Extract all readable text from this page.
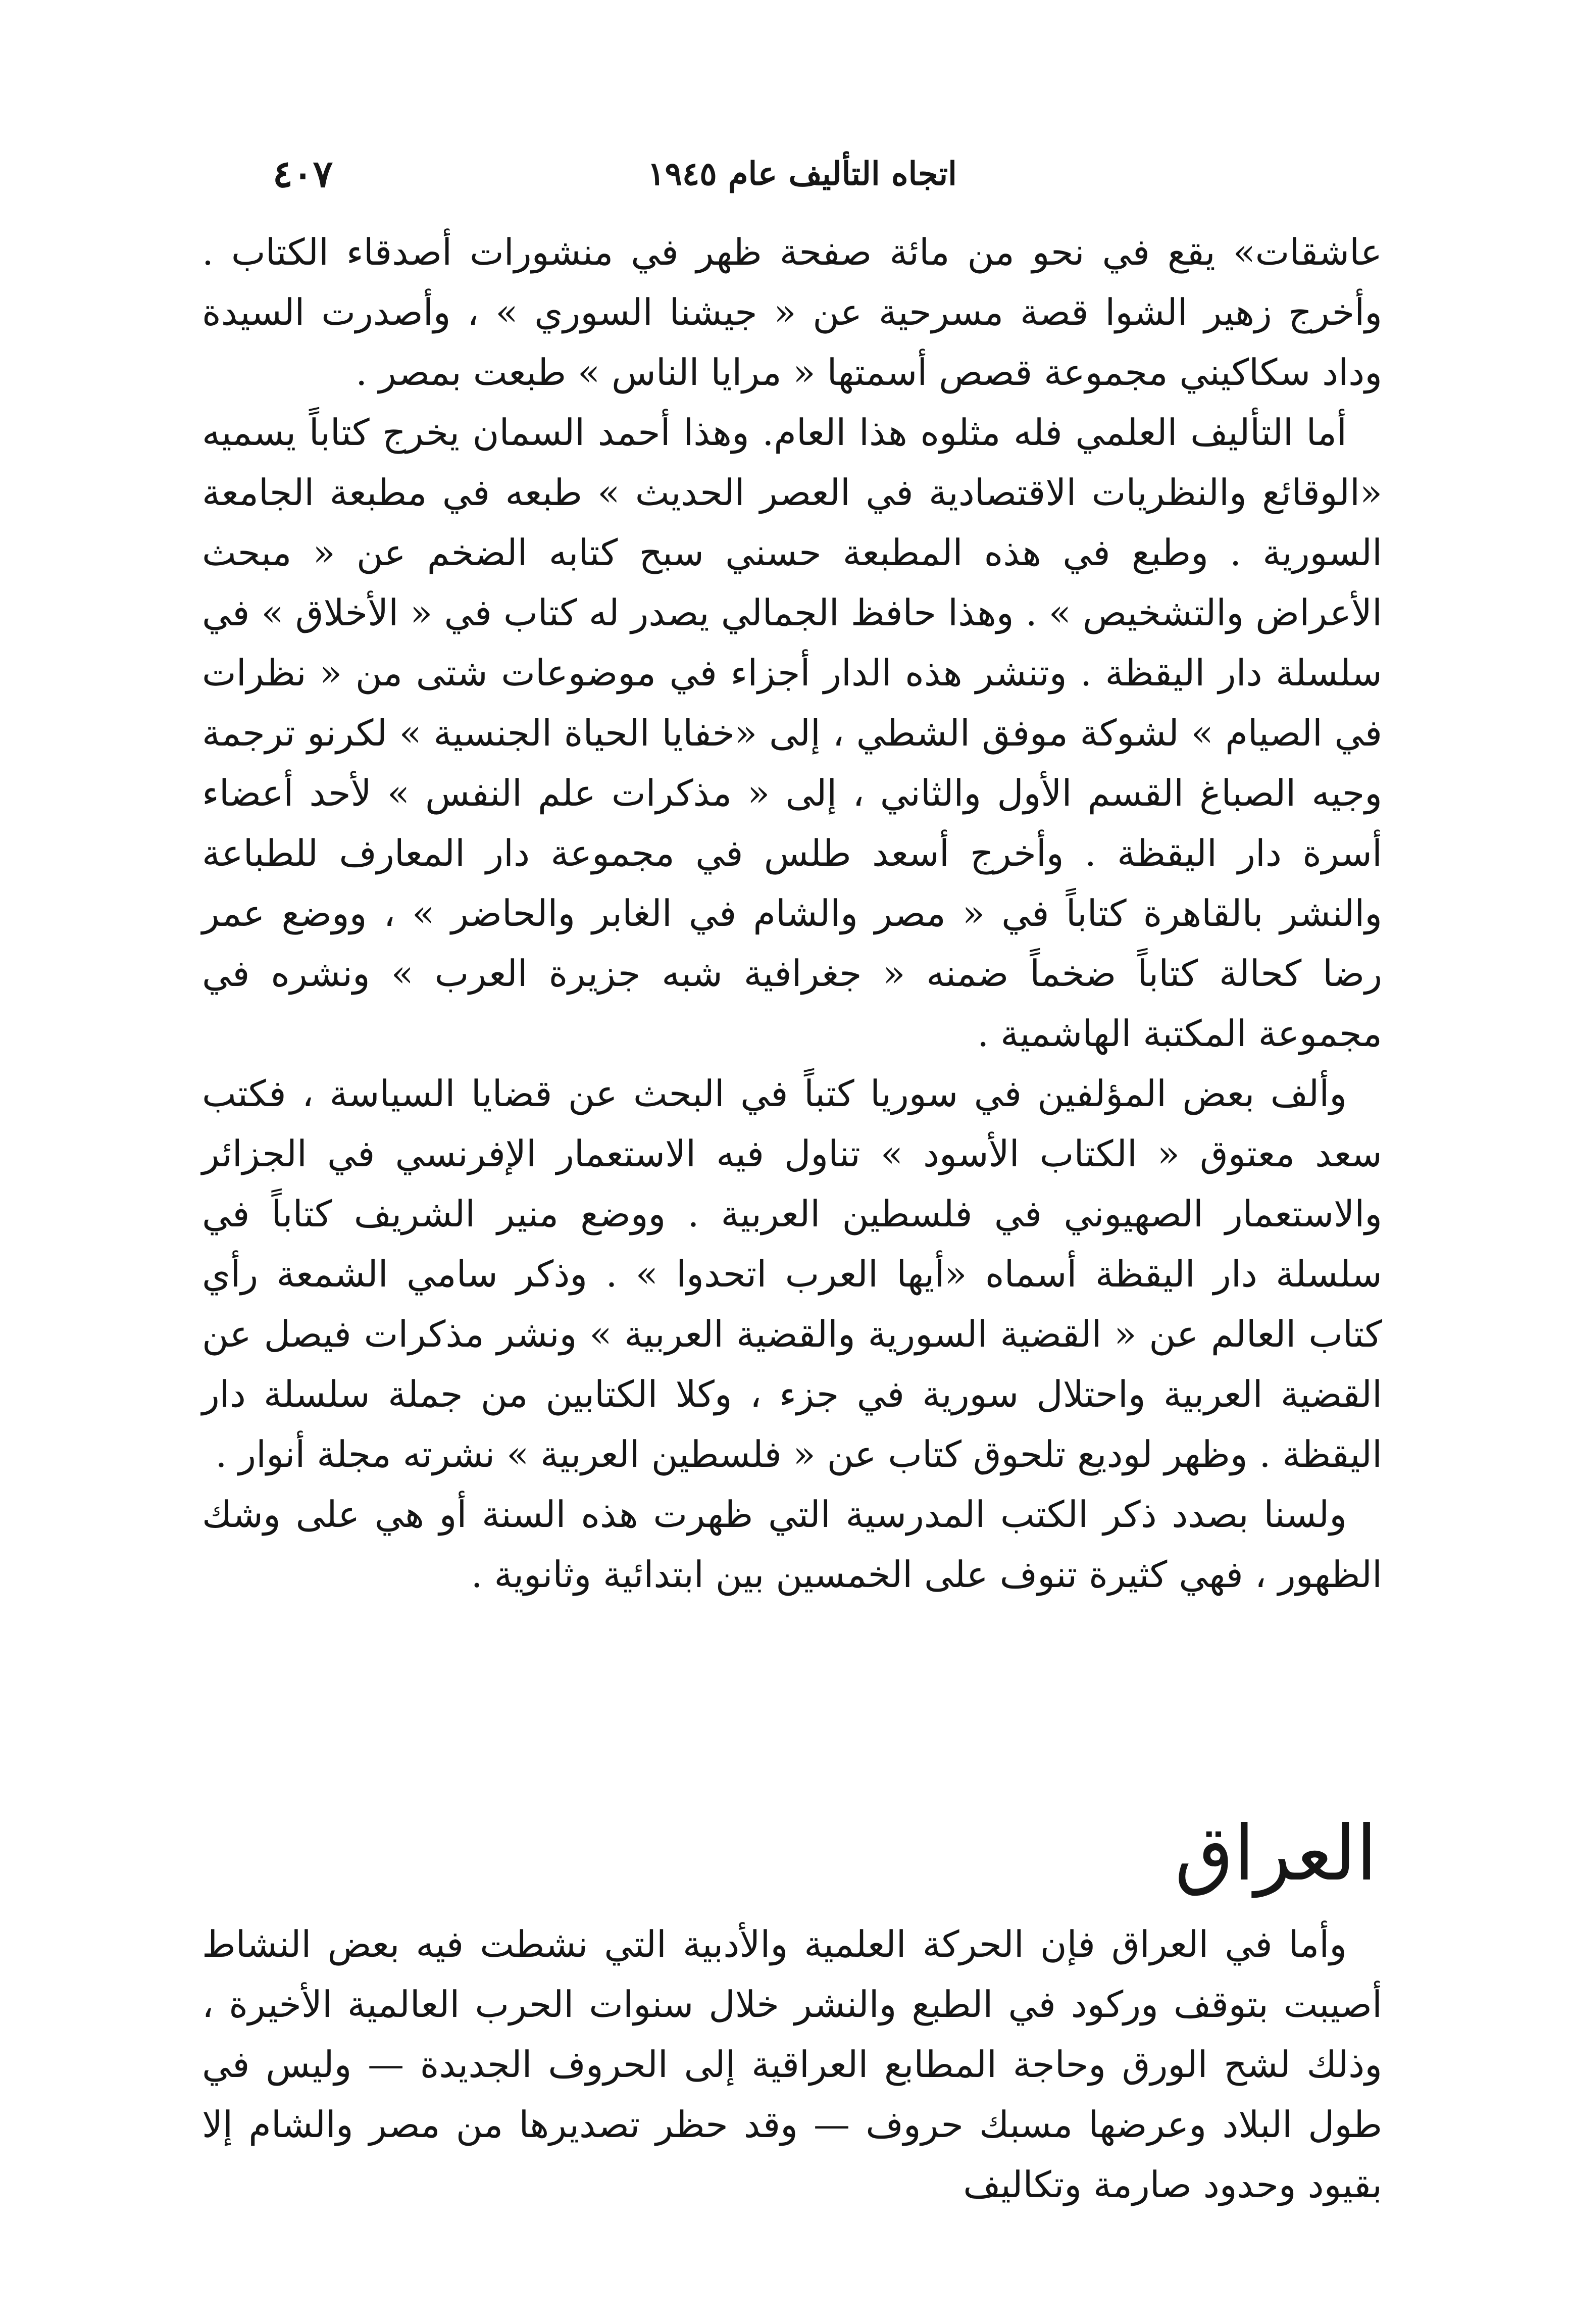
اتجاه التأليف عام ١٩٤٥
٤٠٧

عاشقات» يقع في نحو من مائة صفحة ظهر في منشورات أصدقاء الكتاب . وأخرج زهير الشوا قصة مسرحية عن « جيشنا السوري » ، وأصدرت السيدة وداد سكاكيني مجموعة قصص أسمتها « مرايا الناس » طبعت بمصر .

أما التأليف العلمي فله مثلوه هذا العام. وهذا أحمد السمان يخرج كتاباً يسميه «الوقائع والنظريات الاقتصادية في العصر الحديث » طبعه في مطبعة الجامعة السورية . وطبع في هذه المطبعة حسني سبح كتابه الضخم عن « مبحث الأعراض والتشخيص » . وهذا حافظ الجمالي يصدر له كتاب في « الأخلاق » في سلسلة دار اليقظة . وتنشر هذه الدار أجزاء في موضوعات شتى من « نظرات في الصيام » لشوكة موفق الشطي ، إلى «خفايا الحياة الجنسية » لكرنو ترجمة وجيه الصباغ القسم الأول والثاني ، إلى « مذكرات علم النفس » لأحد أعضاء أسرة دار اليقظة . وأخرج أسعد طلس في مجموعة دار المعارف للطباعة والنشر بالقاهرة كتاباً في « مصر والشام في الغابر والحاضر » ، ووضع عمر رضا كحالة كتاباً ضخماً ضمنه « جغرافية شبه جزيرة العرب » ونشره في مجموعة المكتبة الهاشمية .

وألف بعض المؤلفين في سوريا كتباً في البحث عن قضايا السياسة ، فكتب سعد معتوق « الكتاب الأسود » تناول فيه الاستعمار الإفرنسي في الجزائر والاستعمار الصهيوني في فلسطين العربية . ووضع منير الشريف كتاباً في سلسلة دار اليقظة أسماه «أيها العرب اتحدوا » . وذكر سامي الشمعة رأي كتاب العالم عن « القضية السورية والقضية العربية » ونشر مذكرات فيصل عن القضية العربية واحتلال سورية في جزء ، وكلا الكتابين من جملة سلسلة دار اليقظة . وظهر لوديع تلحوق كتاب عن « فلسطين العربية » نشرته مجلة أنوار .

ولسنا بصدد ذكر الكتب المدرسية التي ظهرت هذه السنة أو هي على وشك الظهور ، فهي كثيرة تنوف على الخمسين بين ابتدائية وثانوية .

العراق

وأما في العراق فإن الحركة العلمية والأدبية التي نشطت فيه بعض النشاط أصيبت بتوقف وركود في الطبع والنشر خلال سنوات الحرب العالمية الأخيرة ، وذلك لشح الورق وحاجة المطابع العراقية إلى الحروف الجديدة — وليس في طول البلاد وعرضها مسبك حروف — وقد حظر تصديرها من مصر والشام إلا بقيود وحدود صارمة وتكاليف
